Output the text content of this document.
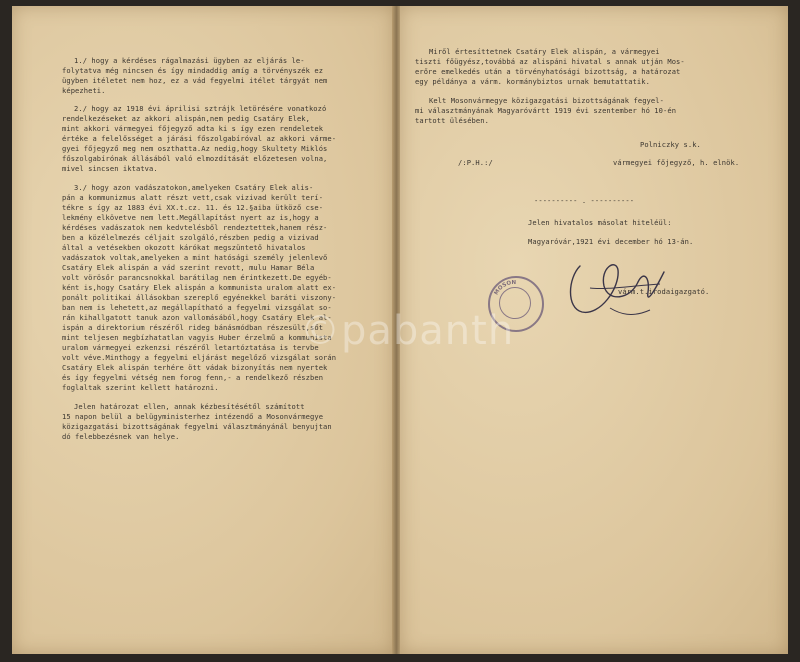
1./ hogy a kérdéses rágalmazási ügyben az eljárás le-
folytatva még nincsen és így mindaddig amíg a törvényszék ez
ügyben itéletet nem hoz, ez a vád fegyelmi itélet tárgyát nem
képezheti.
2./ hogy az 1918 évi áprilisi sztrájk letörésére vonatkozó
rendelkezéseket az akkori alispán,nem pedig Csatáry Elek,
mint akkori vármegyei főjegyző adta ki s így ezen rendeletek
értéke a felelősséget a járási főszolgabíróval az akkori várme-
gyei főjegyző meg nem oszthatta.Az nedig,hogy Skultety Miklós
főszolgabírónak állásából való elmozdítását előzetesen volna,
mivel sincsen iktatva.
3./ hogy azon vadászatokon,amelyeken Csatáry Elek alis-
pán a kommunizmus alatt részt vett,csak vizivad került terí-
tékre s így az 1883 évi XX.t.cz. 11. és 12.§aiba ütköző cse-
lekmény elkövetve nem lett.Megállapítást nyert az is,hogy a
kérdéses vadászatok nem kedvtelésből rendeztettek,hanem rész-
ben a közélelmezés céljait szolgáló,részben pedig a vizivad
által a vetésekben okozott kárókat megszüntető hivatalos
vadászatok voltak,amelyeken a mint hatósági személy jelenlevő
Csatáry Elek alispán a vád szerint revott, mulu Hamar Béla
volt vörösőr parancsnokkal barátilag nem érintkezett.De egyéb-
ként is,hogy Csatáry Elek alispán a kommunista uralom alatt ex-
ponált politikai állásokban szereplő egyénekkel baráti viszony-
ban nem is lehetett,az megállapítható a fegyelmi vizsgálat so-
rán kihallgatott tanuk azon vallomásából,hogy Csatáry Elek al-
ispán a direktorium részéről rideg bánásmódban részesült,sőt
mint teljesen megbízhatatlan vagyis Huber érzelmű a kommunista
uralom vármegyei ezkenzsi részéről letartóztatása is tervbe
volt véve.Minthogy a fegyelmi eljárást megelőző vizsgálat során
Csatáry Elek alispán terhére ött vádak bizonyítás nem nyertek
és így fegyelmi vétség nem forog fenn,- a rendelkező részben
foglaltak szerint kellett határozni.
Jelen határozat ellen, annak kézbesítésétől számított
15 napon belül a belügyministerhez intézendő a Mosonvármegye
közigazgatási bizottságának fegyelmi választmányánál benyujtan
dó felebbezésnek van helye.
Miről értesíttetnek Csatáry Elek alispán, a vármegyei
tiszti főügyész,továbbá az alispáni hivatal s annak utján Mos-
erőre emelkedés után a törvényhatósági bizottság, a határozat
egy példánya a várm. kormánybiztos urnak bemutattatik.
Kelt Mosonvármegye közigazgatási bizottságának fegyel-
mi választmányának Magyaróvártt 1919 évi szentember hó 10-én
tartott ülésében.
Polniczky s.k.
/:P.H.:/	vármegyei főjegyző, h. elnök.
---------- . ----------
Jelen hivatalos másolat hiteléül:
Magyaróvár,1921 évi december hó 13-án.
várm.t.irodaigazgató.
MOSON
©pabanth
